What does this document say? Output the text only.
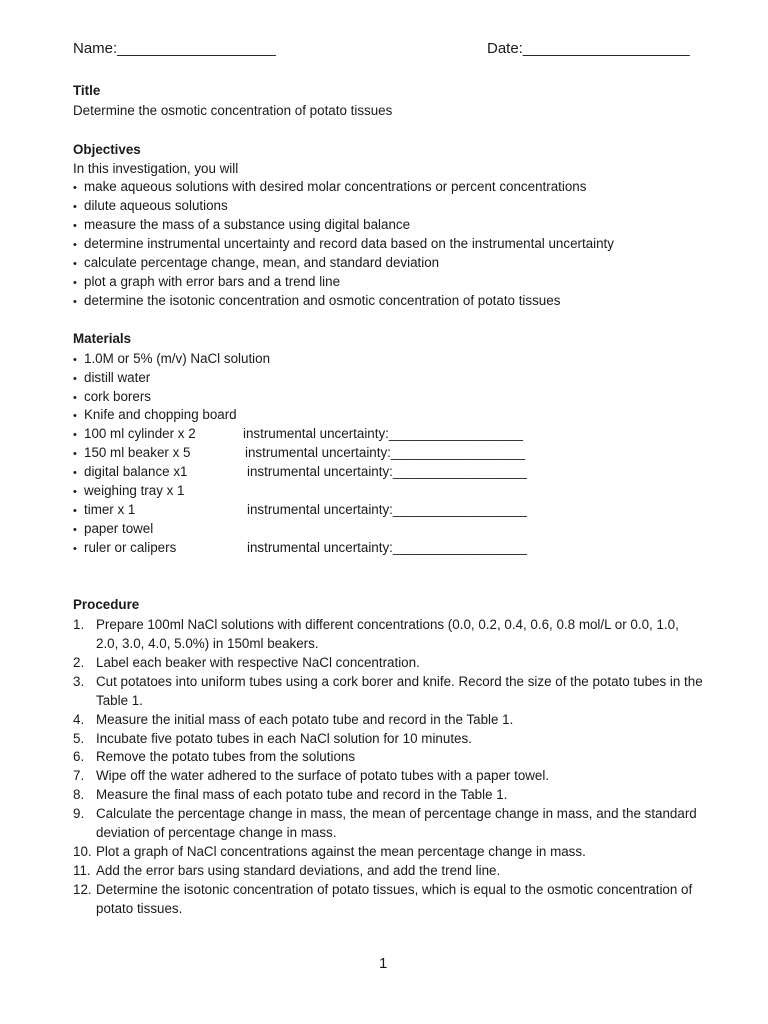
Name:___________________	Date:____________________
Title
Determine the osmotic concentration of potato tissues
Objectives
In this investigation, you will
• make aqueous solutions with desired molar concentrations or percent concentrations
• dilute aqueous solutions
• measure the mass of a substance using digital balance
• determine instrumental uncertainty and record data based on the instrumental uncertainty
• calculate percentage change, mean, and standard deviation
• plot a graph with error bars and a trend line
• determine the isotonic concentration and osmotic concentration of potato tissues
Materials
• 1.0M or 5% (m/v) NaCl solution
• distill water
• cork borers
• Knife and chopping board
• 100 ml cylinder x 2	instrumental uncertainty:__________________
• 150 ml beaker x 5	instrumental uncertainty:__________________
• digital balance x1	instrumental uncertainty:__________________
• weighing tray x 1
• timer x 1	instrumental uncertainty:__________________
• paper towel
• ruler or calipers	instrumental uncertainty:__________________
Procedure
1. Prepare 100ml NaCl solutions with different concentrations (0.0, 0.2, 0.4, 0.6, 0.8 mol/L or 0.0, 1.0, 2.0, 3.0, 4.0, 5.0%) in 150ml beakers.
2. Label each beaker with respective NaCl concentration.
3. Cut potatoes into uniform tubes using a cork borer and knife. Record the size of the potato tubes in the Table 1.
4. Measure the initial mass of each potato tube and record in the Table 1.
5. Incubate five potato tubes in each NaCl solution for 10 minutes.
6. Remove the potato tubes from the solutions
7. Wipe off the water adhered to the surface of potato tubes with a paper towel.
8. Measure the final mass of each potato tube and record in the Table 1.
9. Calculate the percentage change in mass, the mean of percentage change in mass, and the standard deviation of percentage change in mass.
10. Plot a graph of NaCl concentrations against the mean percentage change in mass.
11. Add the error bars using standard deviations, and add the trend line.
12. Determine the isotonic concentration of potato tissues, which is equal to the osmotic concentration of potato tissues.
1
